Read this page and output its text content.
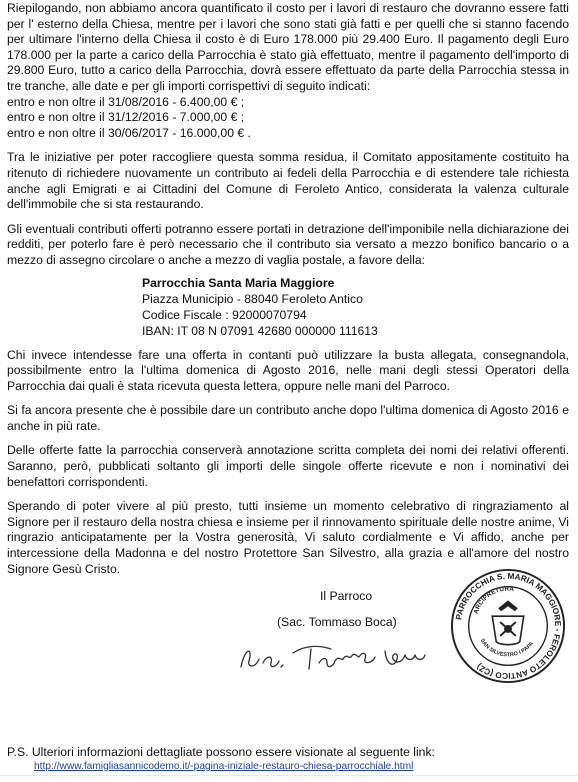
Riepilogando, non abbiamo ancora quantificato il costo per i lavori di restauro che dovranno essere fatti per l' esterno della Chiesa, mentre per i lavori che sono stati già fatti e per quelli che si stanno facendo per ultimare l'interno della Chiesa il costo è di Euro 178.000 più 29.400 Euro. Il pagamento degli Euro 178.000 per la parte a carico della Parrocchia è stato già effettuato, mentre il pagamento dell'importo di 29.800 Euro, tutto a carico della Parrocchia, dovrà essere effettuato da parte della Parrocchia stessa in tre tranche, alle date e per gli importi corrispettivi di seguito indicati:
entro e non oltre il 31/08/2016 - 6.400,00 € ;
entro e non oltre il 31/12/2016 - 7.000,00 € ;
entro e non oltre il 30/06/2017 - 16.000,00 € .

Tra le iniziative per poter raccogliere questa somma residua, il Comitato appositamente costituito ha ritenuto di richiedere nuovamente un contributo ai fedeli della Parrocchia e di estendere tale richiesta anche agli Emigrati e ai Cittadini del Comune di Feroleto Antico, considerata la valenza culturale dell'immobile che si sta restaurando.

Gli eventuali contributi offerti potranno essere portati in detrazione dell'imponibile nella dichiarazione dei redditi, per poterlo fare è però necessario che il contributo sia versato a mezzo bonifico bancario o a mezzo di assegno circolare o anche a mezzo di vaglia postale, a favore della:

Parrocchia Santa Maria Maggiore
Piazza Municipio - 88040 Feroleto Antico
Codice Fiscale : 92000070794
IBAN: IT 08 N 07091 42680 000000 111613

Chi invece intendesse fare una offerta in contanti può utilizzare la busta allegata, consegnandola, possibilmente entro la l'ultima domenica di Agosto 2016, nelle mani degli stessi Operatori della Parrocchia dai quali è stata ricevuta questa lettera, oppure nelle mani del Parroco.

Si fa ancora presente che è possibile dare un contributo anche dopo l'ultima domenica di Agosto 2016 e anche in più rate.

Delle offerte fatte la parrocchia conserverà annotazione scritta completa dei nomi dei relativi offerenti. Saranno, però, pubblicati soltanto gli importi delle singole offerte ricevute e non i nominativi dei benefattori corrispondenti.

Sperando di poter vivere al più presto, tutti insieme un momento celebrativo di ringraziamento al Signore per il restauro della nostra chiesa e insieme per il rinnovamento spirituale delle nostre anime, Vi ringrazio anticipatamente per la Vostra generosità, Vi saluto cordialmente e Vi affido, anche per intercessione della Madonna e del nostro Protettore San Silvestro, alla grazia e all'amore del nostro Signore Gesù Cristo.

Il Parroco
(Sac. Tommaso Boca)	PARROCCHIA S. MARIA MAGGIORE - FEROLETO ANTICO (CZ)
ARCIPRETURA
SAN SILVESTRO I PAPA
P.S. Ulteriori informazioni dettagliate possono essere visionate al seguente link:
http://www.famigliasannicodemo.it/-pagina-iniziale-restauro-chiesa-parrocchiale.html
